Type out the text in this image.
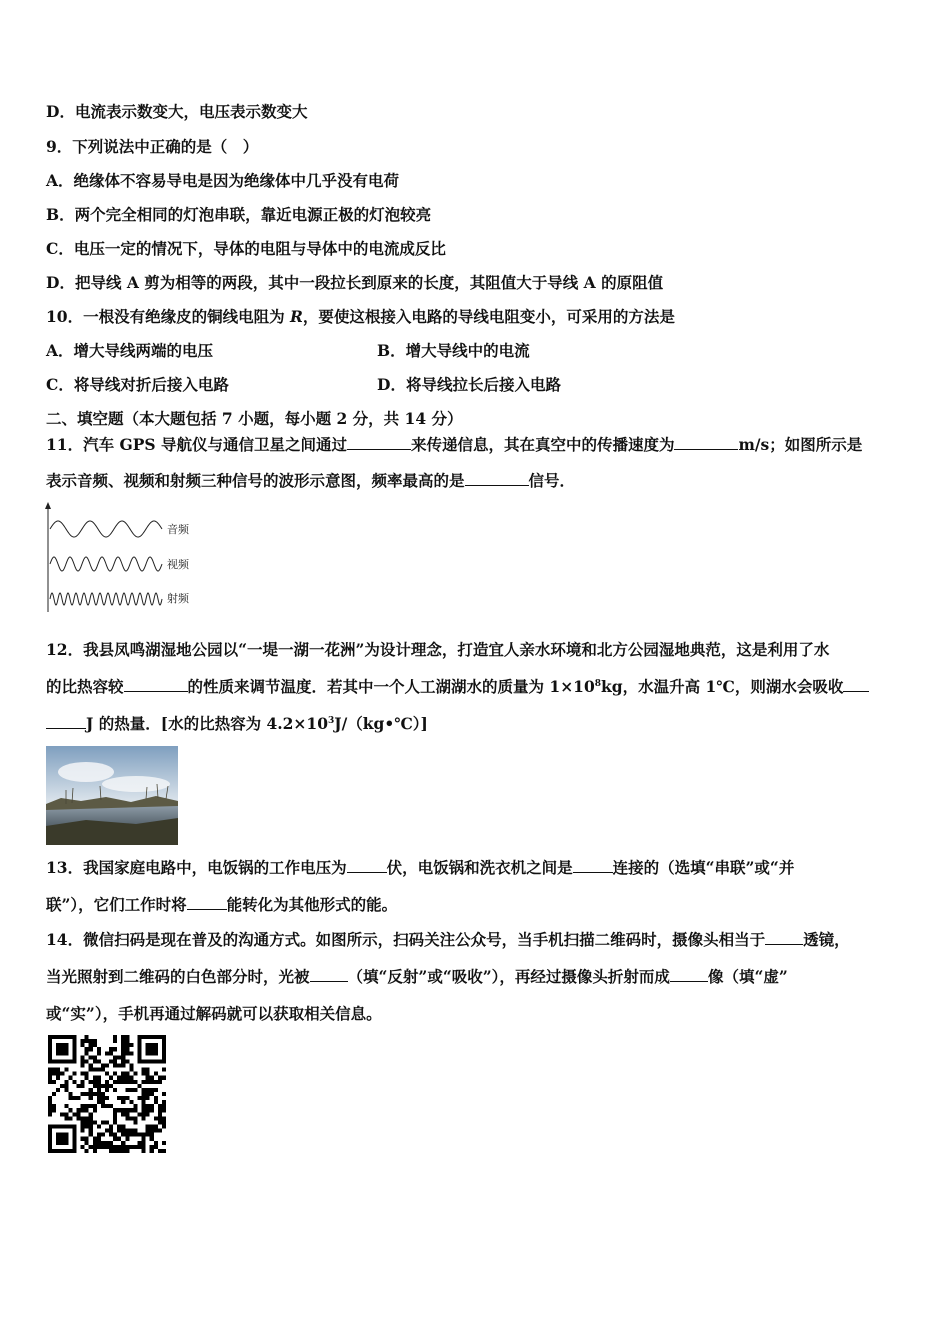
D．电流表示数变大，电压表示数变大
9．下列说法中正确的是（　）
A．绝缘体不容易导电是因为绝缘体中几乎没有电荷
B．两个完全相同的灯泡串联，靠近电源正极的灯泡较亮
C．电压一定的情况下，导体的电阻与导体中的电流成反比
D．把导线 A 剪为相等的两段，其中一段拉长到原来的长度，其阻值大于导线 A 的原阻值
10．一根没有绝缘皮的铜线电阻为 R，要使这根接入电路的导线电阻变小，可采用的方法是
A．增大导线两端的电压	B．增大导线中的电流
C．将导线对折后接入电路	D．将导线拉长后接入电路
二、填空题（本大题包括 7 小题，每小题 2 分，共 14 分）
11．汽车 GPS 导航仪与通信卫星之间通过	来传递信息，其在真空中的传播速度为	m/s；如图所示是
表示音频、视频和射频三种信号的波形示意图，频率最高的是	信号．
音频
视频
射频
12．我县凤鸣湖湿地公园以“一堤一湖一花洲”为设计理念，打造宜人亲水环境和北方公园湿地典范，这是利用了水
的比热容较	的性质来调节温度．若其中一个人工湖湖水的质量为 $1\times 10^8kg$，水温升高 1℃，则湖水会吸收
J 的热量．[水的比热容为 $4.2\times 10^3J/(kg•℃)$]
13．我国家庭电路中，电饭锅的工作电压为	伏，电饭锅和洗衣机之间是	连接的（选填“串联”或“并
联”），它们工作时将	能转化为其他形式的能。
14．微信扫码是现在普及的沟通方式。如图所示，扫码关注公众号，当手机扫描二维码时，摄像头相当于 透镜，
当光照射到二维码的白色部分时，光被 （填“反射”或“吸收”），再经过摄像头折射而成 像（填“虚”
或“实”），手机再通过解码就可以获取相关信息。
